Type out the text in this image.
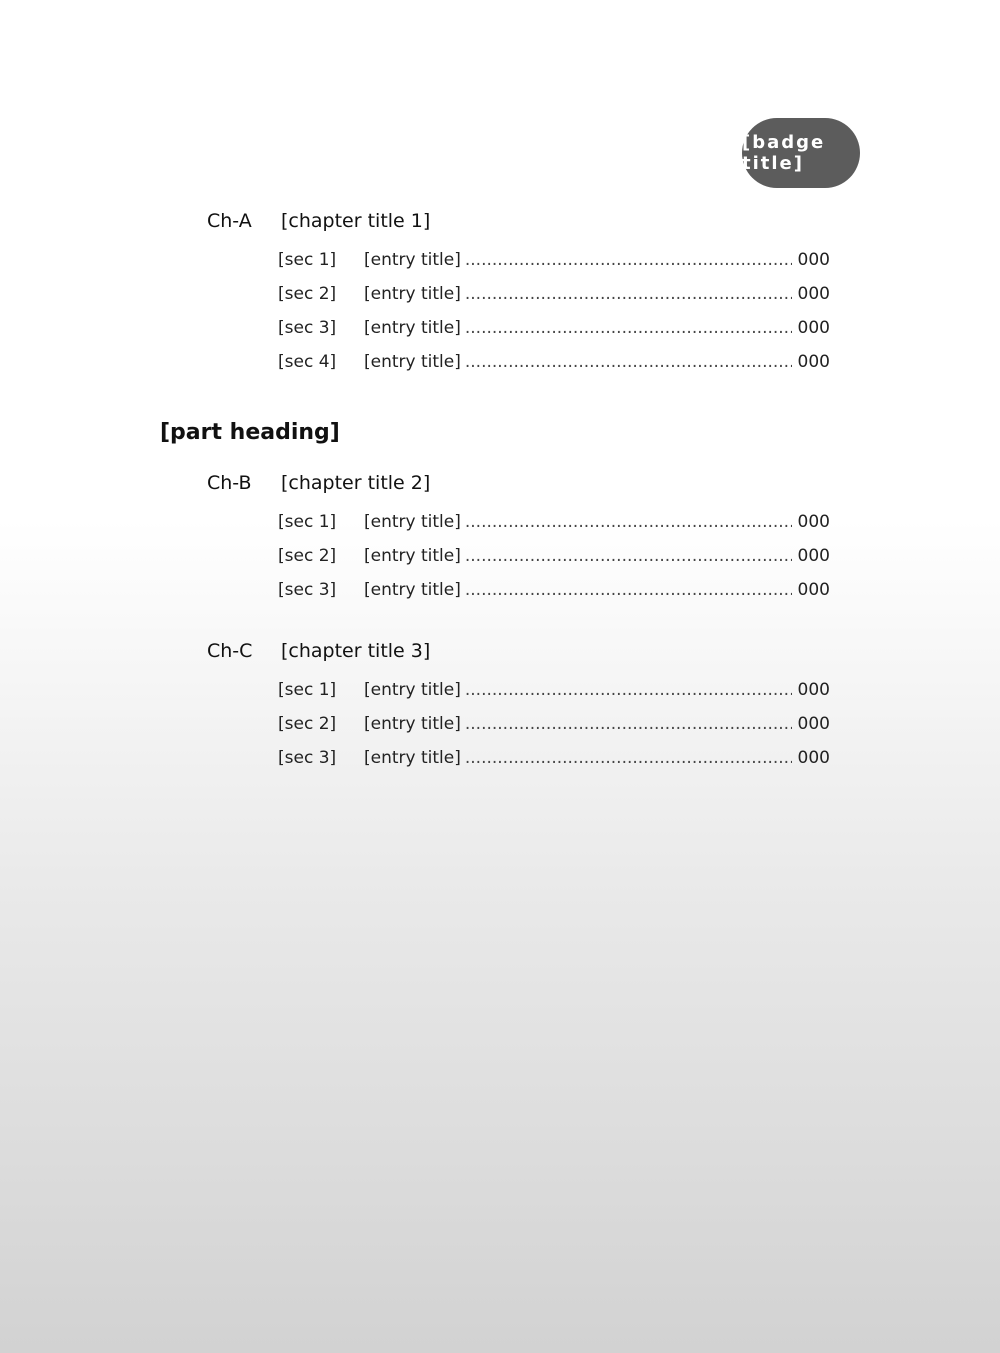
[badge title]
Ch-A	[chapter title 1]
[sec 1]	[entry title] .....	000
[sec 2]	[entry title] .....	000
[sec 3]	[entry title] .....	000
[sec 4]	[entry title] .....	000
[part heading]
Ch-B	[chapter title 2]
[sec 1]	[entry title] .....	000
[sec 2]	[entry title] .....	000
[sec 3]	[entry title] .....	000
Ch-C	[chapter title 3]
[sec 1]	[entry title] .....	000
[sec 2]	[entry title] .....	000
[sec 3]	[entry title] .....	000
